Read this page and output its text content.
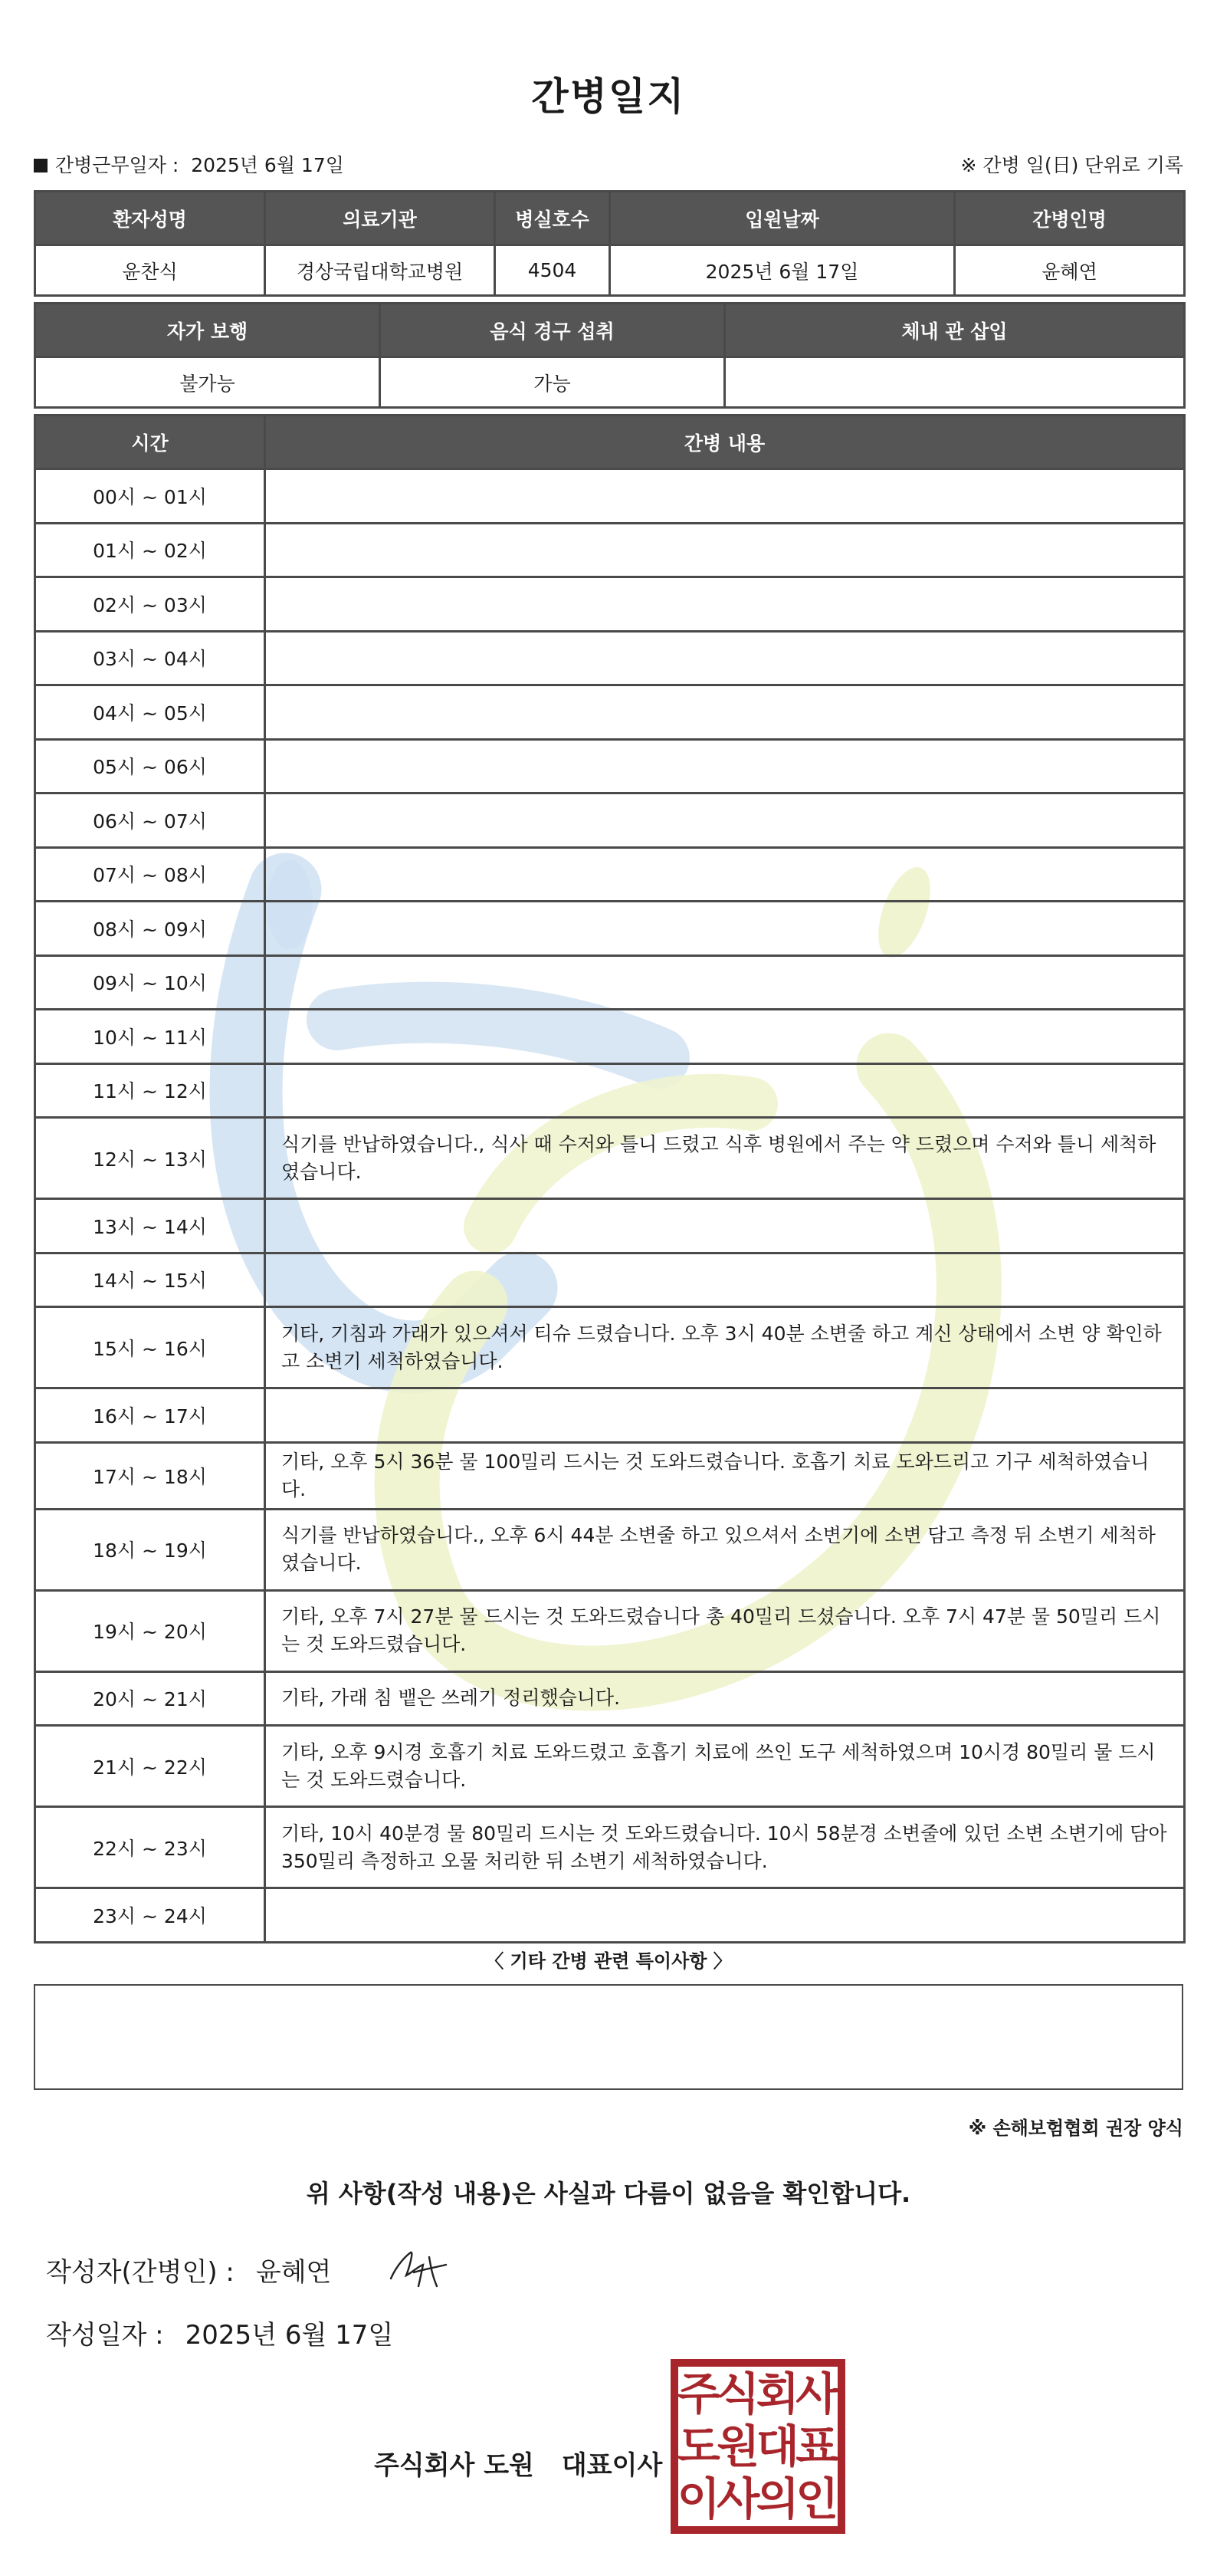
간병일지
간병근무일자 : 2025년 6월 17일	※ 간병 일(日) 단위로 기록
환자성명	의료기관	병실호수	입원날짜	간병인명
윤찬식	경상국립대학교병원	4504	2025년 6월 17일	윤혜연
자가 보행	음식 경구 섭취	체내 관 삽입
불가능	가능	
시간	간병 내용
00시 ~ 01시	
01시 ~ 02시	
02시 ~ 03시	
03시 ~ 04시	
04시 ~ 05시	
05시 ~ 06시	
06시 ~ 07시	
07시 ~ 08시	
08시 ~ 09시	
09시 ~ 10시	
10시 ~ 11시	
11시 ~ 12시	
12시 ~ 13시	식기를 반납하였습니다., 식사 때 수저와 틀니 드렸고 식후 병원에서 주는 약 드렸으며 수저와 틀니 세척하였습니다.
13시 ~ 14시	
14시 ~ 15시	
15시 ~ 16시	기타, 기침과 가래가 있으셔서 티슈 드렸습니다. 오후 3시 40분 소변줄 하고 계신 상태에서 소변 양 확인하고 소변기 세척하였습니다.
16시 ~ 17시	
17시 ~ 18시	기타, 오후 5시 36분 물 100밀리 드시는 것 도와드렸습니다. 호흡기 치료 도와드리고 기구 세척하였습니다.
18시 ~ 19시	식기를 반납하였습니다., 오후 6시 44분 소변줄 하고 있으셔서 소변기에 소변 담고 측정 뒤 소변기 세척하였습니다.
19시 ~ 20시	기타, 오후 7시 27분 물 드시는 것 도와드렸습니다 총 40밀리 드셨습니다. 오후 7시 47분 물 50밀리 드시는 것 도와드렸습니다.
20시 ~ 21시	기타, 가래 침 뱉은 쓰레기 정리했습니다.
21시 ~ 22시	기타, 오후 9시경 호흡기 치료 도와드렸고 호흡기 치료에 쓰인 도구 세척하였으며 10시경 80밀리 물 드시는 것 도와드렸습니다.
22시 ~ 23시	기타, 10시 40분경 물 80밀리 드시는 것 도와드렸습니다. 10시 58분경 소변줄에 있던 소변 소변기에 담아 350밀리 측정하고 오물 처리한 뒤 소변기 세척하였습니다.
23시 ~ 24시	
〈 기타 간병 관련 특이사항 〉
※ 손해보험협회 권장 양식
위 사항(작성 내용)은 사실과 다름이 없음을 확인합니다.
작성자(간병인) : 윤혜연
작성일자 : 2025년 6월 17일
주식회사 도원 대표이사
주
식
회
사
도
원
대
표
이
사
의
인
